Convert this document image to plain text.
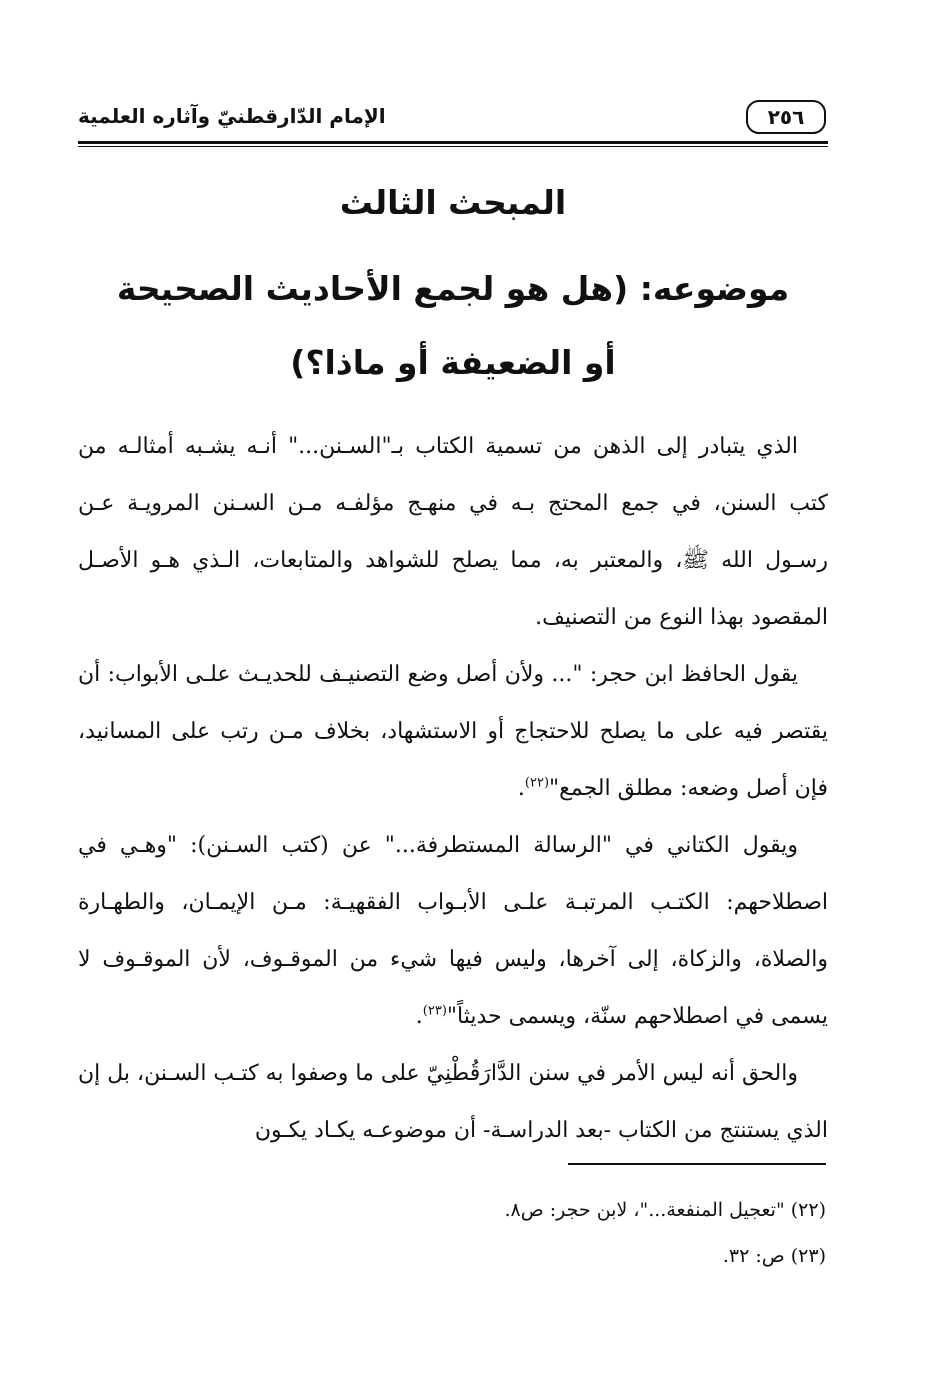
٢٥٦
الإمام الدّارقطنيّ وآثاره العلمية
المبحث الثالث
موضوعه: (هل هو لجمع الأحاديث الصحيحة
أو الضعيفة أو ماذا؟)

الذي يتبادر إلى الذهن من تسمية الكتاب بـ"السـنن..." أنـه يشـبه أمثالـه من كتب السنن، في جمع المحتج بـه في منهـج مؤلفـه مـن السـنن المرويـة عـن رسـول الله ﷺ، والمعتبر به، مما يصلح للشواهد والمتابعات، الـذي هـو الأصـل المقصود بهذا النوع من التصنيف.

يقول الحافظ ابن حجر: "... ولأن أصل وضع التصنيـف للحديـث علـى الأبواب: أن يقتصر فيه على ما يصلح للاحتجاج أو الاستشهاد، بخلاف مـن رتب على المسانيد، فإن أصل وضعه: مطلق الجمع"$^{(٢٢)}$.

ويقول الكتاني في "الرسالة المستطرفة..." عن (كتب السـنن): "وهـي في اصطلاحهم: الكتـب المرتبـة علـى الأبـواب الفقهيـة: مـن الإيمـان، والطهـارة والصلاة، والزكاة، إلى آخرها، وليس فيها شيء من الموقـوف، لأن الموقـوف لا يسمى في اصطلاحهم سنّة، ويسمى حديثاً"$^{(٢٣)}$.

والحق أنه ليس الأمر في سنن الدَّارَقُطْنِيّ على ما وصفوا به كتـب السـنن، بل إن الذي يستنتج من الكتاب -بعد الدراسـة- أن موضوعـه يكـاد يكـون

(٢٢) "تعجيل المنفعة..."، لابن حجر: ص٨.
(٢٣) ص: ٣٢.
